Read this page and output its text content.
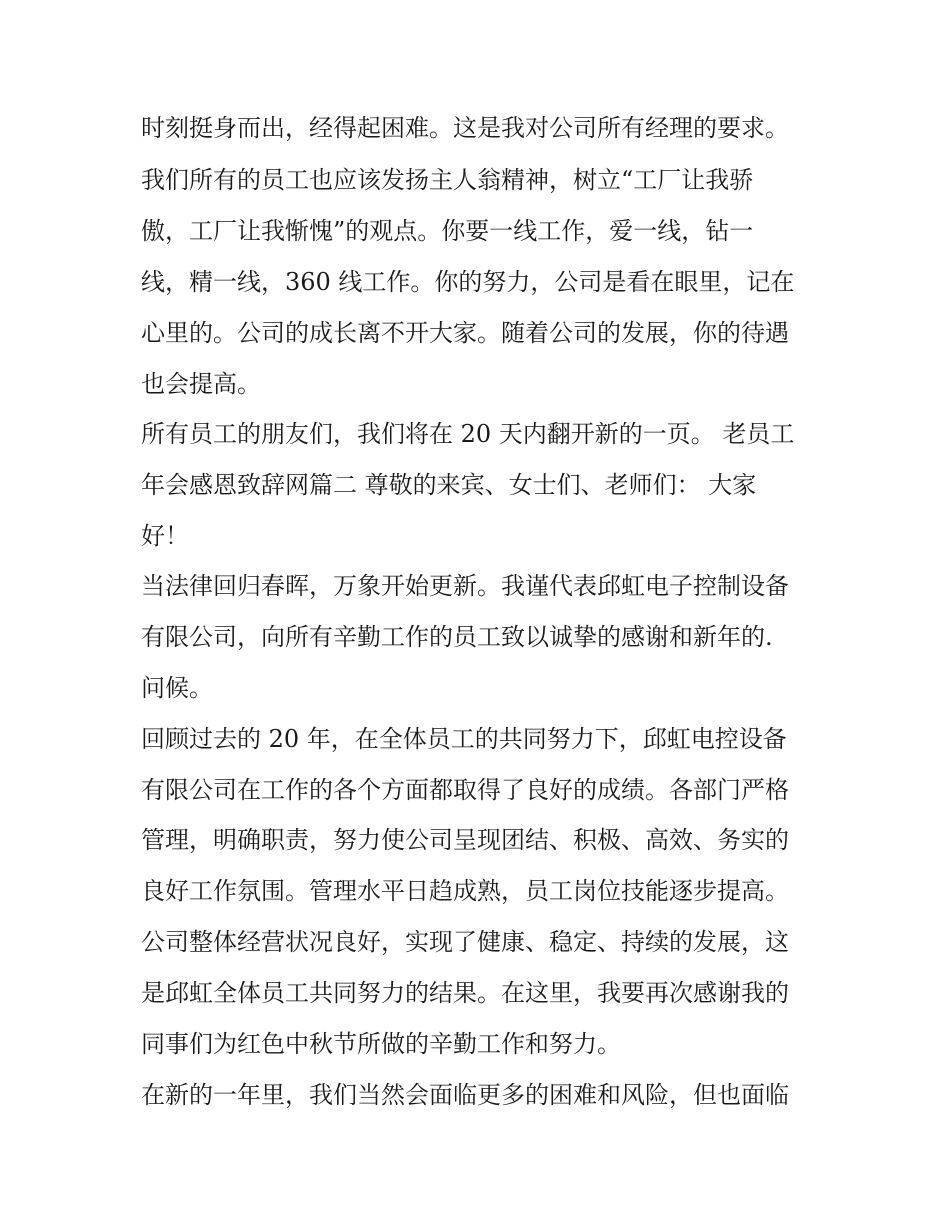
时刻挺身而出，经得起困难。这是我对公司所有经理的要求。

我们所有的员工也应该发扬主人翁精神，树立“工厂让我骄

傲，工厂让我惭愧”的观点。你要一线工作，爱一线，钻一

线，精一线，360 线工作。你的努力，公司是看在眼里，记在

心里的。公司的成长离不开大家。随着公司的发展，你的待遇

也会提高。

所有员工的朋友们，我们将在 20 天内翻开新的一页。 老员工

年会感恩致辞网篇二 尊敬的来宾、女士们、老师们： 大家

好！

当法律回归春晖，万象开始更新。我谨代表邱虹电子控制设备

有限公司，向所有辛勤工作的员工致以诚挚的感谢和新年的.

问候。

回顾过去的 20 年，在全体员工的共同努力下，邱虹电控设备

有限公司在工作的各个方面都取得了良好的成绩。各部门严格

管理，明确职责，努力使公司呈现团结、积极、高效、务实的

良好工作氛围。管理水平日趋成熟，员工岗位技能逐步提高。

公司整体经营状况良好，实现了健康、稳定、持续的发展，这

是邱虹全体员工共同努力的结果。在这里，我要再次感谢我的

同事们为红色中秋节所做的辛勤工作和努力。

在新的一年里，我们当然会面临更多的困难和风险，但也面临
